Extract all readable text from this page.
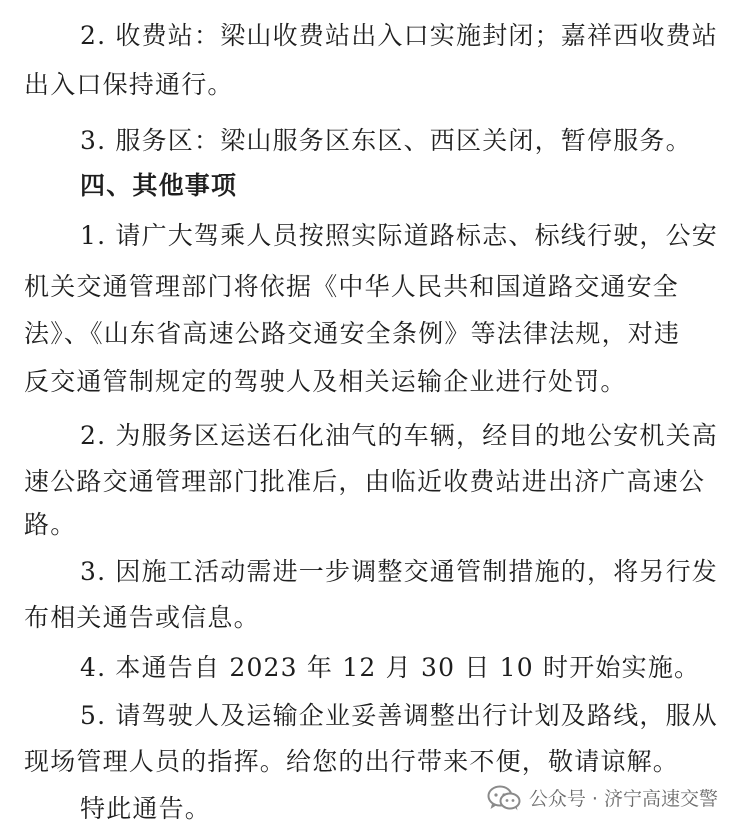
2. 收费站：梁山收费站出入口实施封闭；嘉祥西收费站
出入口保持通行。
3. 服务区：梁山服务区东区、西区关闭，暂停服务。
四、其他事项
1. 请广大驾乘人员按照实际道路标志、标线行驶，公安
机关交通管理部门将依据《中华人民共和国道路交通安全
法》、《山东省高速公路交通安全条例》等法律法规，对违
反交通管制规定的驾驶人及相关运输企业进行处罚。
2. 为服务区运送石化油气的车辆，经目的地公安机关高
速公路交通管理部门批准后，由临近收费站进出济广高速公
路。
3. 因施工活动需进一步调整交通管制措施的，将另行发
布相关通告或信息。
4. 本通告自 2023 年 12 月 30 日 10 时开始实施。
5. 请驾驶人及运输企业妥善调整出行计划及路线，服从
现场管理人员的指挥。给您的出行带来不便，敬请谅解。
特此通告。	公众号 · 济宁高速交警
